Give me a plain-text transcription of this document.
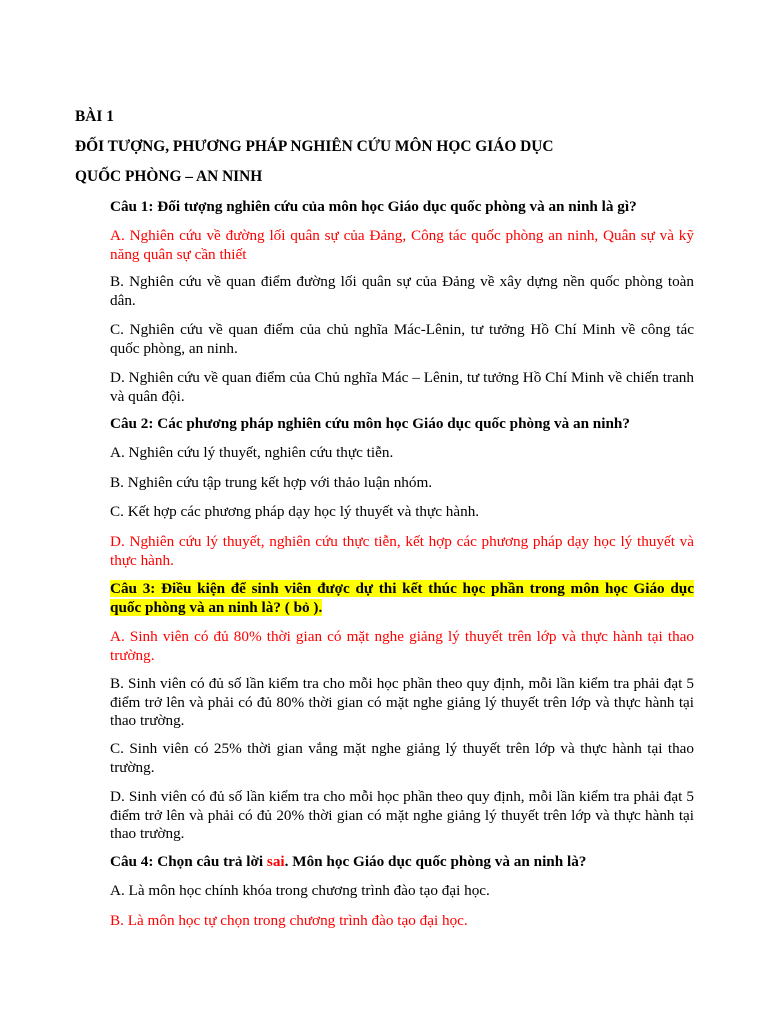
BÀI 1
ĐỐI TƯỢNG, PHƯƠNG PHÁP NGHIÊN CỨU MÔN HỌC GIÁO DỤC
QUỐC PHÒNG – AN NINH
Câu 1: Đối tượng nghiên cứu của môn học Giáo dục quốc phòng và an ninh là gì?
A. Nghiên cứu về đường lối quân sự của Đảng, Công tác quốc phòng an ninh, Quân sự và kỹ năng quân sự cần thiết
B. Nghiên cứu về quan điểm đường lối quân sự của Đảng về xây dựng nền quốc phòng toàn dân.
C. Nghiên cứu về quan điểm của chủ nghĩa Mác-Lênin, tư tưởng Hồ Chí Minh về công tác quốc phòng, an ninh.
D. Nghiên cứu về quan điểm của Chủ nghĩa Mác – Lênin, tư tưởng Hồ Chí Minh về chiến tranh và quân đội.
Câu 2: Các phương pháp nghiên cứu môn học Giáo dục quốc phòng và an ninh?
A. Nghiên cứu lý thuyết, nghiên cứu thực tiễn.
B. Nghiên cứu tập trung kết hợp với thảo luận nhóm.
C. Kết hợp các phương pháp dạy học lý thuyết và thực hành.
D. Nghiên cứu lý thuyết, nghiên cứu thực tiễn, kết hợp các phương pháp dạy học lý thuyết và thực hành.
Câu 3: Điều kiện để sinh viên được dự thi kết thúc học phần trong môn học Giáo dục quốc phòng và an ninh là? ( bỏ ).
A. Sinh viên có đủ 80% thời gian có mặt nghe giảng lý thuyết trên lớp và thực hành tại thao trường.
B. Sinh viên có đủ số lần kiểm tra cho mỗi học phần theo quy định, mỗi lần kiểm tra phải đạt 5 điểm trở lên và phải có đủ 80% thời gian có mặt nghe giảng lý thuyết trên lớp và thực hành tại thao trường.
C. Sinh viên có 25% thời gian vắng mặt nghe giảng lý thuyết trên lớp và thực hành tại thao trường.
D. Sinh viên có đủ số lần kiểm tra cho mỗi học phần theo quy định, mỗi lần kiểm tra phải đạt 5 điểm trở lên và phải có đủ 20% thời gian có mặt nghe giảng lý thuyết trên lớp và thực hành tại thao trường.
Câu 4: Chọn câu trả lời sai. Môn học Giáo dục quốc phòng và an ninh là?
A. Là môn học chính khóa trong chương trình đào tạo đại học.
B. Là môn học tự chọn trong chương trình đào tạo đại học.
